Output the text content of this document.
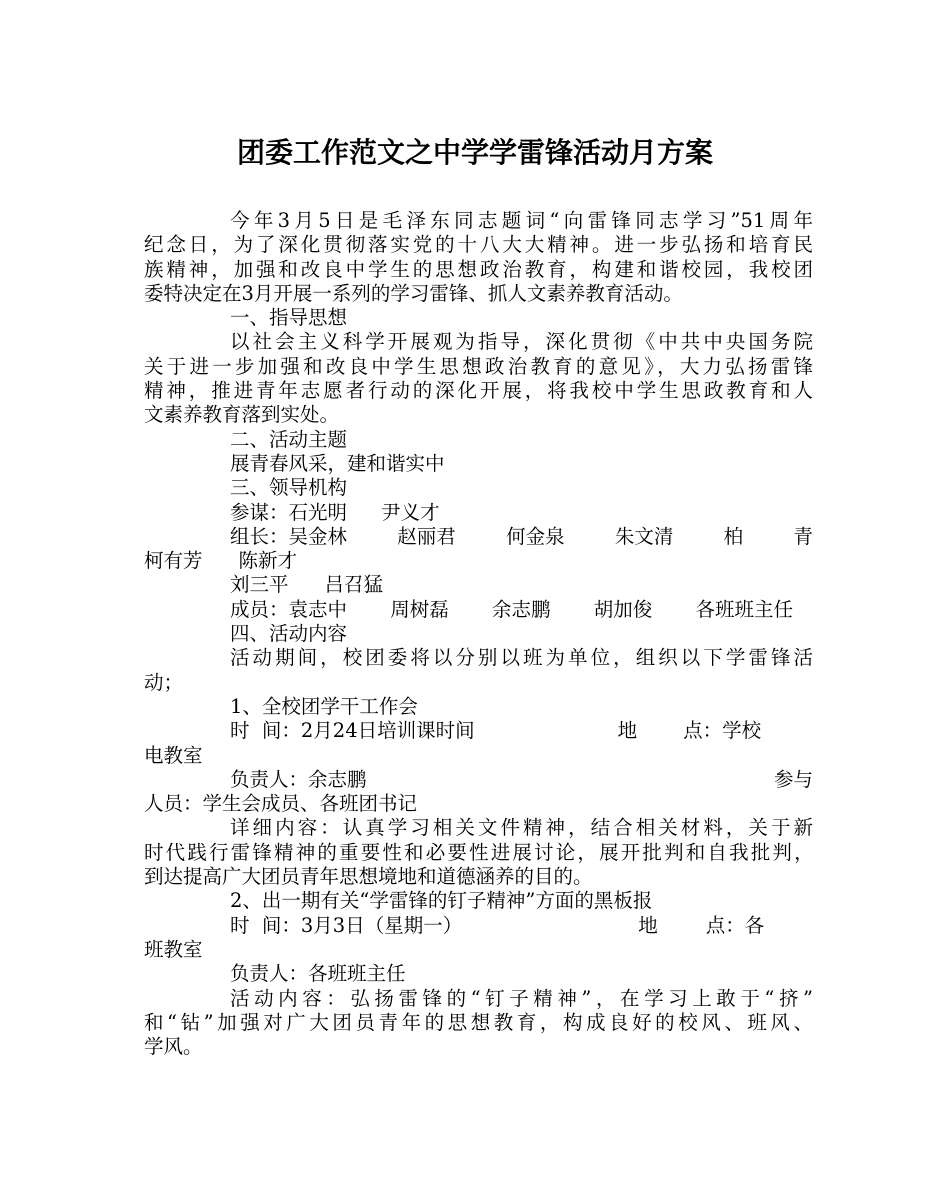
团委工作范文之中学学雷锋活动月方案

今年3月5日是毛泽东同志题词“向雷锋同志学习”51周年

纪念日，为了深化贯彻落实党的十八大大精神。进一步弘扬和培育民

族精神，加强和改良中学生的思想政治教育，构建和谐校园，我校团

委特决定在3月开展一系列的学习雷锋、抓人文素养教育活动。

一、指导思想

以社会主义科学开展观为指导，深化贯彻《中共中央国务院

关于进一步加强和改良中学生思想政治教育的意见》，大力弘扬雷锋

精神，推进青年志愿者行动的深化开展，将我校中学生思政教育和人

文素养教育落到实处。

二、活动主题

展青春风采，建和谐实中

三、领导机构

参谋： 石光明 尹义才

组长： 吴金林	赵丽君	何金泉	朱文清	柏	青

柯有芳 陈新才

刘三平 吕召猛

成员： 袁志中 周树磊 余志鹏 胡加俊 各班班主任

四、活动内容

活动期间，校团委将以分别以班为单位，组织以下学雷锋活

动；

1、全校团学干工作会

时  间：2月24日培训课时间	地 点：学校

电教室

负责人：余志鹏	参与

人员：学生会成员、各班团书记

详细内容：认真学习相关文件精神，结合相关材料，关于新

时代践行雷锋精神的重要性和必要性进展讨论，展开批判和自我批判，

到达提高广大团员青年思想境地和道德涵养的目的。

2、出一期有关“学雷锋的钉子精神”方面的黑板报

时  间：3月3日（星期一）	地 点：各

班教室

负责人：各班班主任

活动内容：弘扬雷锋的“钉子精神”，在学习上敢于“挤”

和“钻”加强对广大团员青年的思想教育，构成良好的校风、班风、

学风。
